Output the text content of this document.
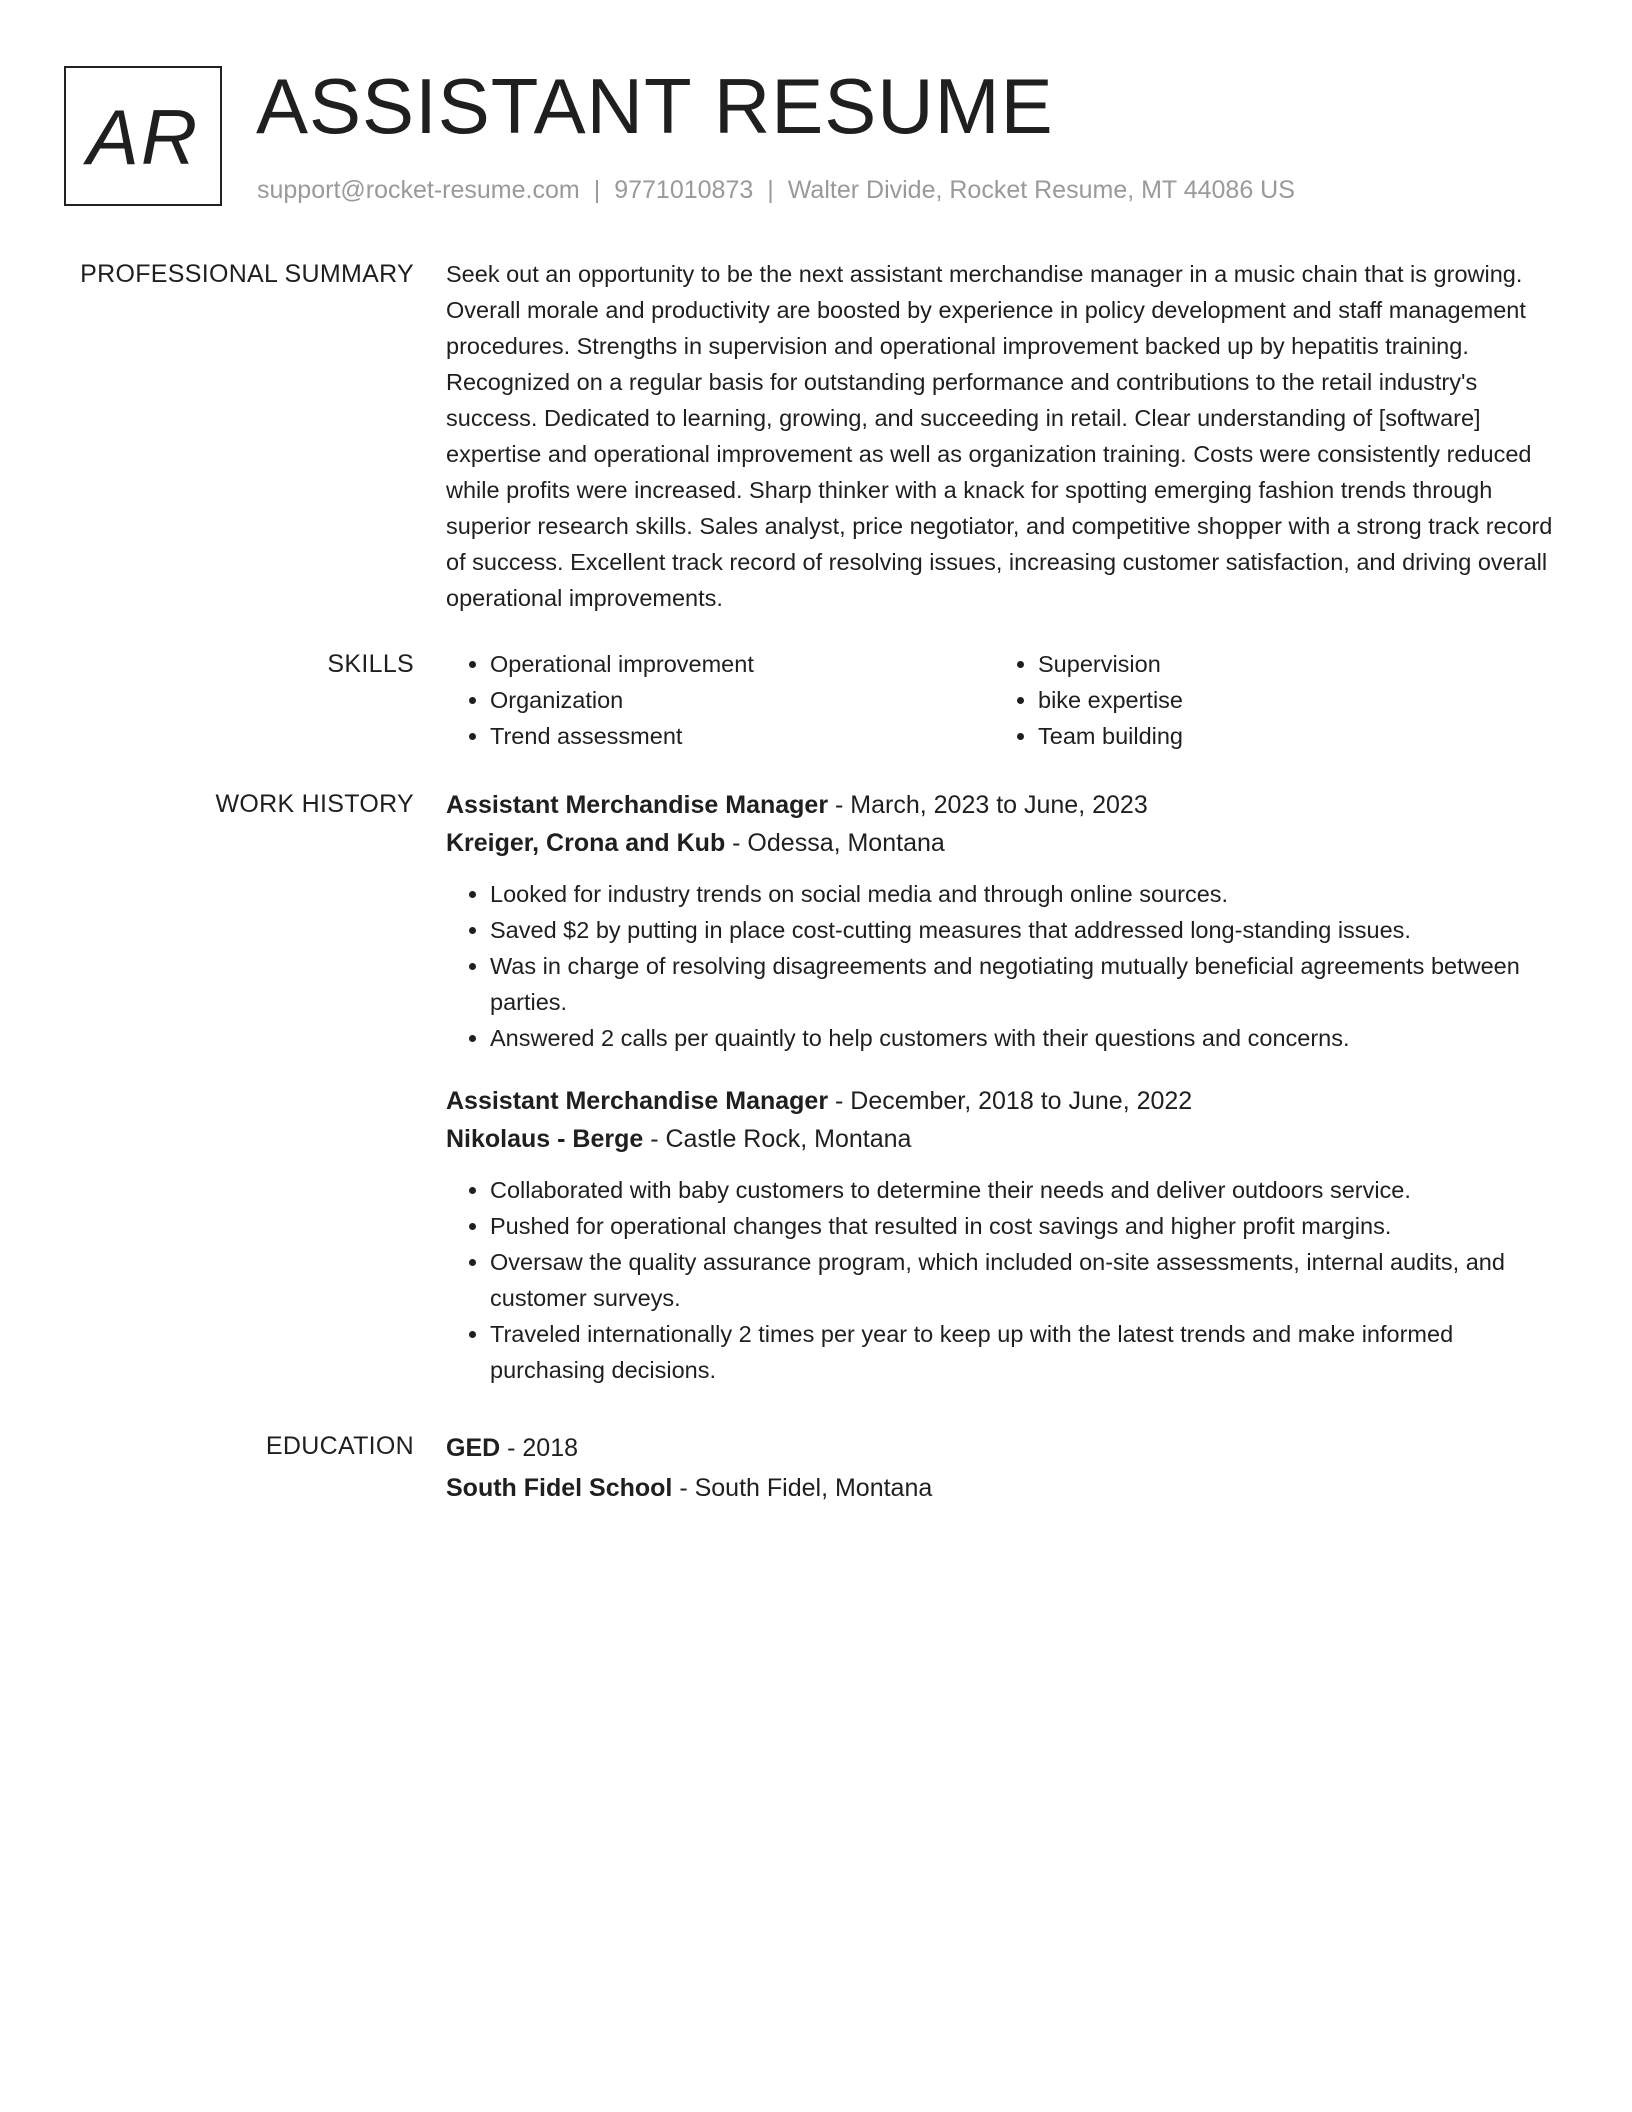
AR ASSISTANT RESUME
support@rocket-resume.com | 9771010873 | Walter Divide, Rocket Resume, MT 44086 US
PROFESSIONAL SUMMARY Seek out an opportunity to be the next assistant merchandise manager in a music chain that is growing. Overall morale and productivity are boosted by experience in policy development and staff management procedures. Strengths in supervision and operational improvement backed up by hepatitis training. Recognized on a regular basis for outstanding performance and contributions to the retail industry's success. Dedicated to learning, growing, and succeeding in retail. Clear understanding of [software] expertise and operational improvement as well as organization training. Costs were consistently reduced while profits were increased. Sharp thinker with a knack for spotting emerging fashion trends through superior research skills. Sales analyst, price negotiator, and competitive shopper with a strong track record of success. Excellent track record of resolving issues, increasing customer satisfaction, and driving overall operational improvements.

SKILLS
•	Operational improvement
• Organization
• Trend assessment
• Supervision
• bike expertise
• Team building
WORK HISTORY Assistant Merchandise Manager - March, 2023 to June, 2023
Kreiger, Crona and Kub - Odessa, Montana
• Looked for industry trends on social media and through online sources.
• Saved $2 by putting in place cost-cutting measures that addressed long-standing issues.
• Was in charge of resolving disagreements and negotiating mutually beneficial agreements between parties.
• Answered 2 calls per quaintly to help customers with their questions and concerns.
Assistant Merchandise Manager - December, 2018 to June, 2022
Nikolaus - Berge - Castle Rock, Montana
• Collaborated with baby customers to determine their needs and deliver outdoors service.
• Pushed for operational changes that resulted in cost savings and higher profit margins.
• Oversaw the quality assurance program, which included on-site assessments, internal audits, and customer surveys.
• Traveled internationally 2 times per year to keep up with the latest trends and make informed purchasing decisions.
EDUCATION GED - 2018
South Fidel School - South Fidel, Montana
